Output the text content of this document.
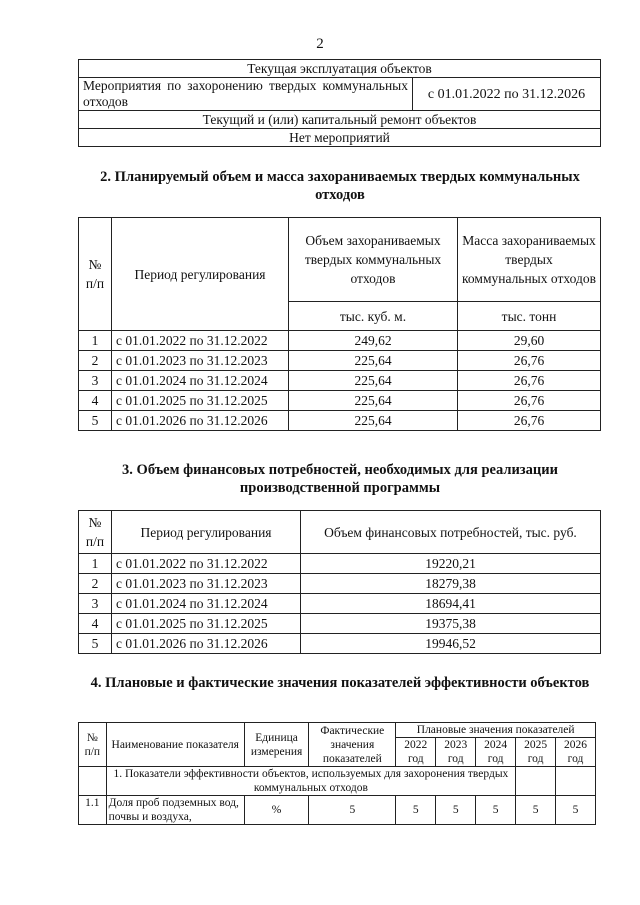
2
Текущая эксплуатация объектов
Мероприятия по захоронению твердых коммунальных отходов	с 01.01.2022 по 31.12.2026
Текущий и (или) капитальный ремонт объектов
Нет мероприятий
2. Планируемый объем и масса захораниваемых твердых коммунальных отходов
№ п/п	Период регулирования	Объем захораниваемых твердых коммунальных отходов	Масса захораниваемых твердых коммунальных отходов
		тыс. куб. м.	тыс. тонн
1	с 01.01.2022 по 31.12.2022	249,62	29,60
2	с 01.01.2023 по 31.12.2023	225,64	26,76
3	с 01.01.2024 по 31.12.2024	225,64	26,76
4	с 01.01.2025 по 31.12.2025	225,64	26,76
5	с 01.01.2026 по 31.12.2026	225,64	26,76
3. Объем финансовых потребностей, необходимых для реализации производственной программы
№ п/п	Период регулирования	Объем финансовых потребностей, тыс. руб.
1	с 01.01.2022 по 31.12.2022	19220,21
2	с 01.01.2023 по 31.12.2023	18279,38
3	с 01.01.2024 по 31.12.2024	18694,41
4	с 01.01.2025 по 31.12.2025	19375,38
5	с 01.01.2026 по 31.12.2026	19946,52
4. Плановые и фактические значения показателей эффективности объектов
№ п/п	Наименование показателя	Единица измерения	Фактические значения показателей	Плановые значения показателей				
				2022 год	2023 год	2024 год	2025 год	2026 год
	1. Показатели эффективности объектов, используемых для захоронения твердых коммунальных отходов							
1.1	Доля проб подземных вод, почвы и воздуха,	%	5	5	5	5	5	5
